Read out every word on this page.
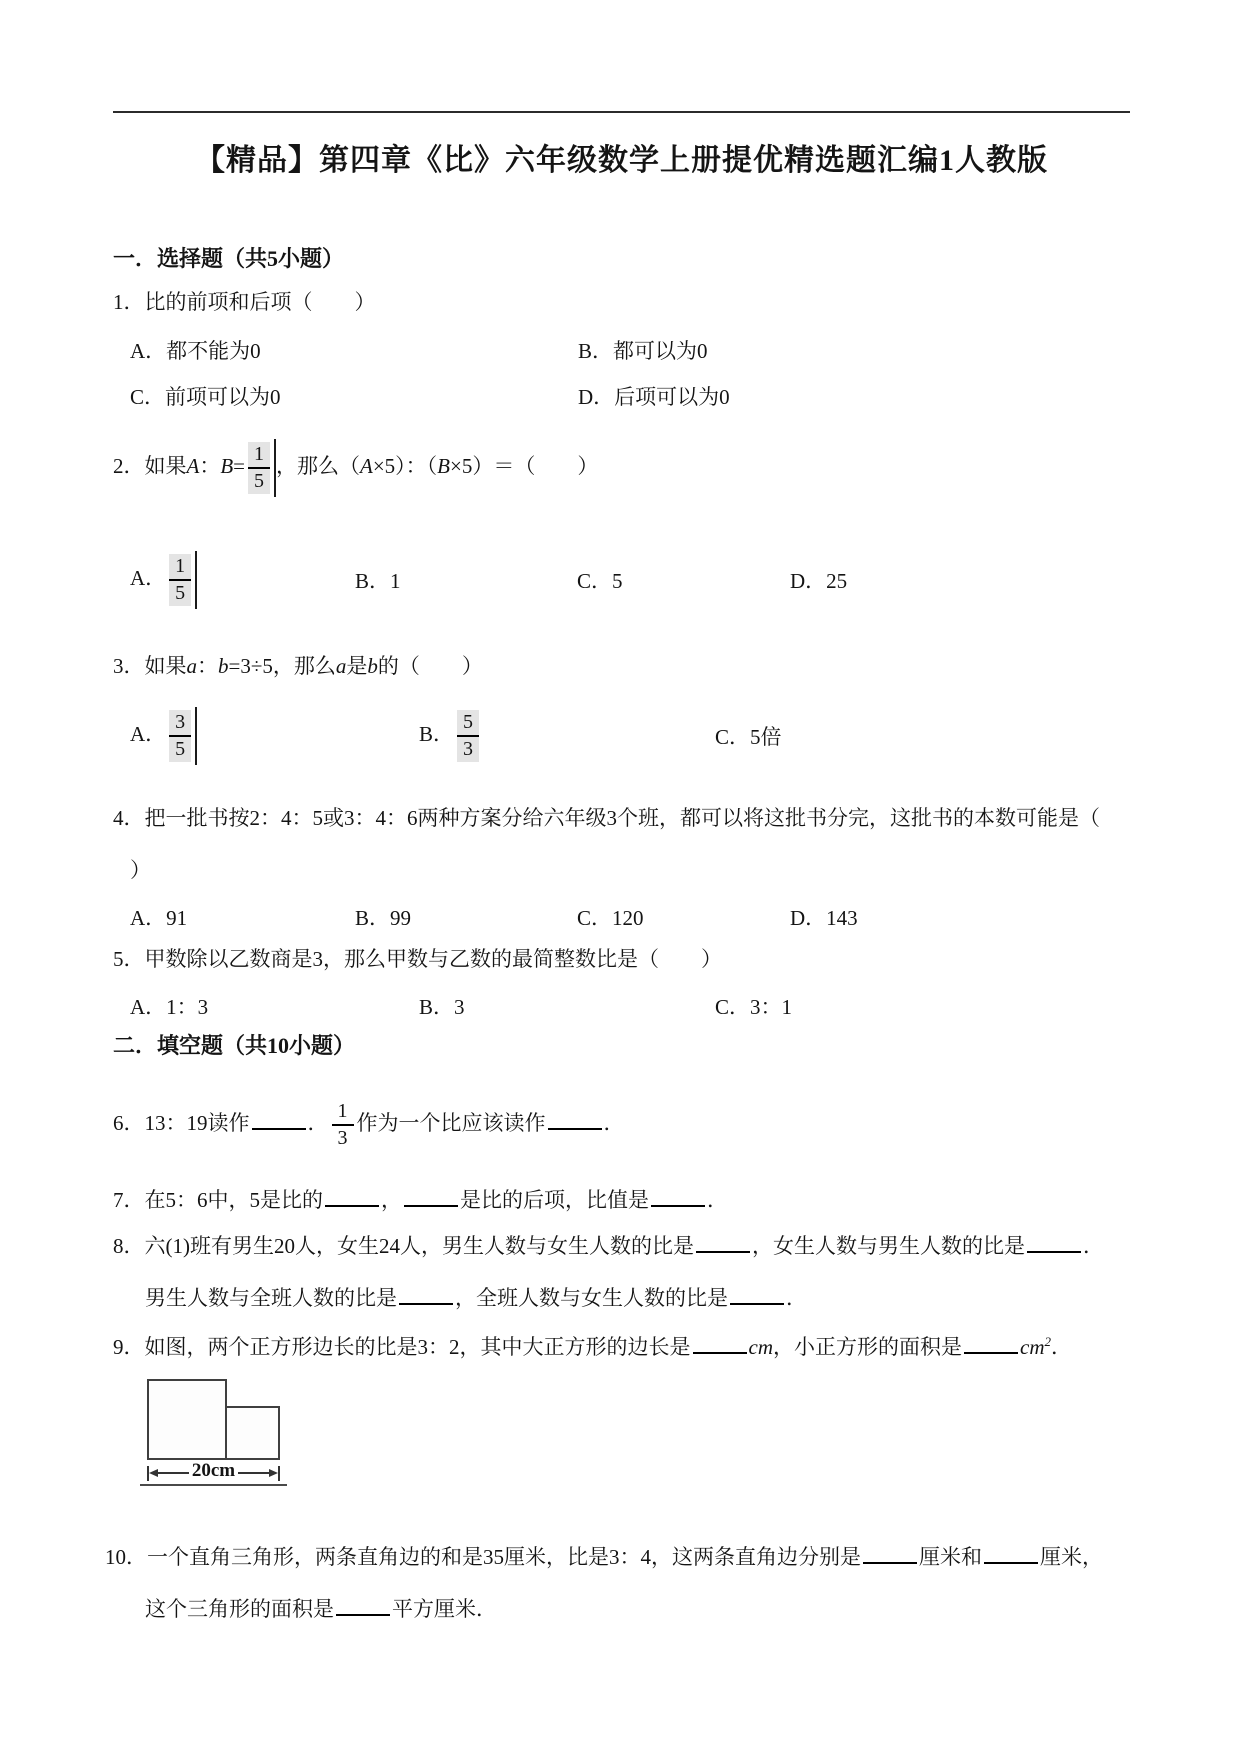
【精品】第四章《比》六年级数学上册提优精选题汇编1人教版
一．选择题（共5小题）
1．比的前项和后项（　　）
A．都不能为0	B．都可以为0
C．前项可以为0	D．后项可以为0
2．如果A：$B= \frac{1}{5}$ ，那么（A×5）：（B×5）＝（　　）
A． $\frac{1}{5}$	B．1	C．5	D．25
3．如果a：b=3÷5，那么a是b的（　　）
A． $\frac{3}{5}$	B． $\frac{5}{3}$	C．5倍
4．把一批书按2：4：5或3：4：6两种方案分给六年级3个班，都可以将这批书分完，这批书的本数可能是（
）
A．91	B．99	C．120	D．143
5．甲数除以乙数商是3，那么甲数与乙数的最简整数比是（　　）
A．1：3	B．3	C．3：1
二．填空题（共10小题）
6．13：19读作	． $\frac{1}{3}$ 作为一个比应该读作	．
7．在5：6中，5是比的	，	是比的后项，比值是	．
8．六(1)班有男生20人，女生24人，男生人数与女生人数的比是	，女生人数与男生人数的比是	．
男生人数与全班人数的比是	，全班人数与女生人数的比是	．
9．如图，两个正方形边长的比是3：2，其中大正方形的边长是	cm，小正方形的面积是	$cm^2$．
20cm
10．一个直角三角形，两条直角边的和是35厘米，比是3：4，这两条直角边分别是	厘米和	厘米，
这个三角形的面积是	平方厘米．
